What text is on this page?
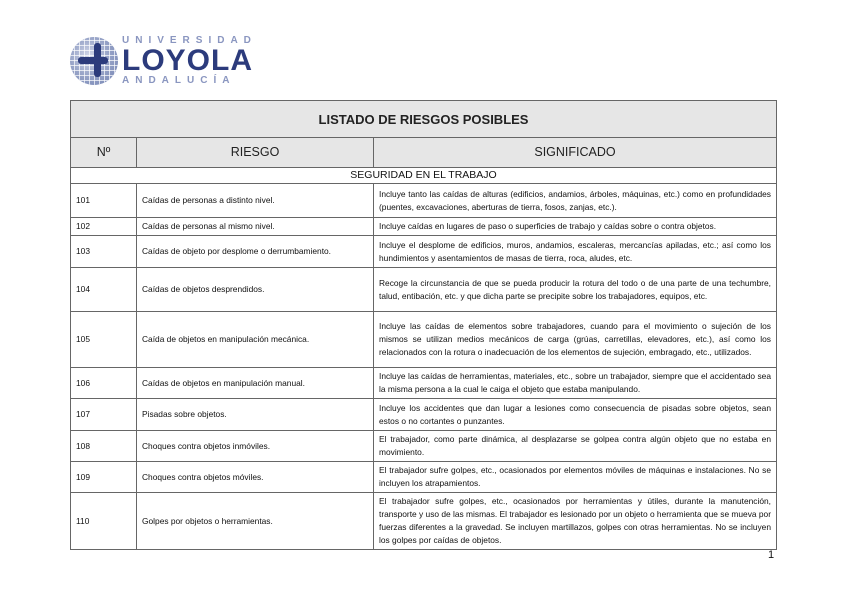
UNIVERSIDAD
LOYOLA
ANDALUCÍA
LISTADO DE RIESGOS POSIBLES		
Nº	RIESGO	SIGNIFICADO
SEGURIDAD EN EL TRABAJO		
101	Caídas de personas a distinto nivel.	Incluye tanto las caídas de alturas (edificios, andamios, árboles, máquinas, etc.) como en profundidades (puentes, excavaciones, aberturas de tierra, fosos, zanjas, etc.).
102	Caídas de personas al mismo nivel.	Incluye caídas en lugares de paso o superficies de trabajo y caídas sobre o contra objetos.
103	Caídas de objeto por desplome o derrumbamiento.	Incluye el desplome de edificios, muros, andamios, escaleras, mercancías apiladas, etc.; así como los hundimientos y asentamientos de masas de tierra, roca, aludes, etc.
104	Caídas de objetos desprendidos.	Recoge la circunstancia de que se pueda producir la rotura del todo o de una parte de una techumbre, talud, entibación, etc. y que dicha parte se precipite sobre los trabajadores, equipos, etc.
105	Caída de objetos en manipulación mecánica.	Incluye las caídas de elementos sobre trabajadores, cuando para el movimiento o sujeción de los mismos se utilizan medios mecánicos de carga (grúas, carretillas, elevadores, etc.), así como los relacionados con la rotura o inadecuación de los elementos de sujeción, embragado, etc., utilizados.
106	Caídas de objetos en manipulación manual.	Incluye las caídas de herramientas, materiales, etc., sobre un trabajador, siempre que el accidentado sea la misma persona a la cual le caiga el objeto que estaba manipulando.
107	Pisadas sobre objetos.	Incluye los accidentes que dan lugar a lesiones como consecuencia de pisadas sobre objetos, sean estos o no cortantes o punzantes.
108	Choques contra objetos inmóviles.	El trabajador, como parte dinámica, al desplazarse se golpea contra algún objeto que no estaba en movimiento.
109	Choques contra objetos móviles.	El trabajador sufre golpes, etc., ocasionados por elementos móviles de máquinas e instalaciones. No se incluyen los atrapamientos.
110	Golpes por objetos o herramientas.	El trabajador sufre golpes, etc., ocasionados por herramientas y útiles, durante la manutención, transporte y uso de las mismas. El trabajador es lesionado por un objeto o herramienta que se mueva por fuerzas diferentes a la gravedad. Se incluyen martillazos, golpes con otras herramientas. No se incluyen los golpes por caídas de objetos.
1
